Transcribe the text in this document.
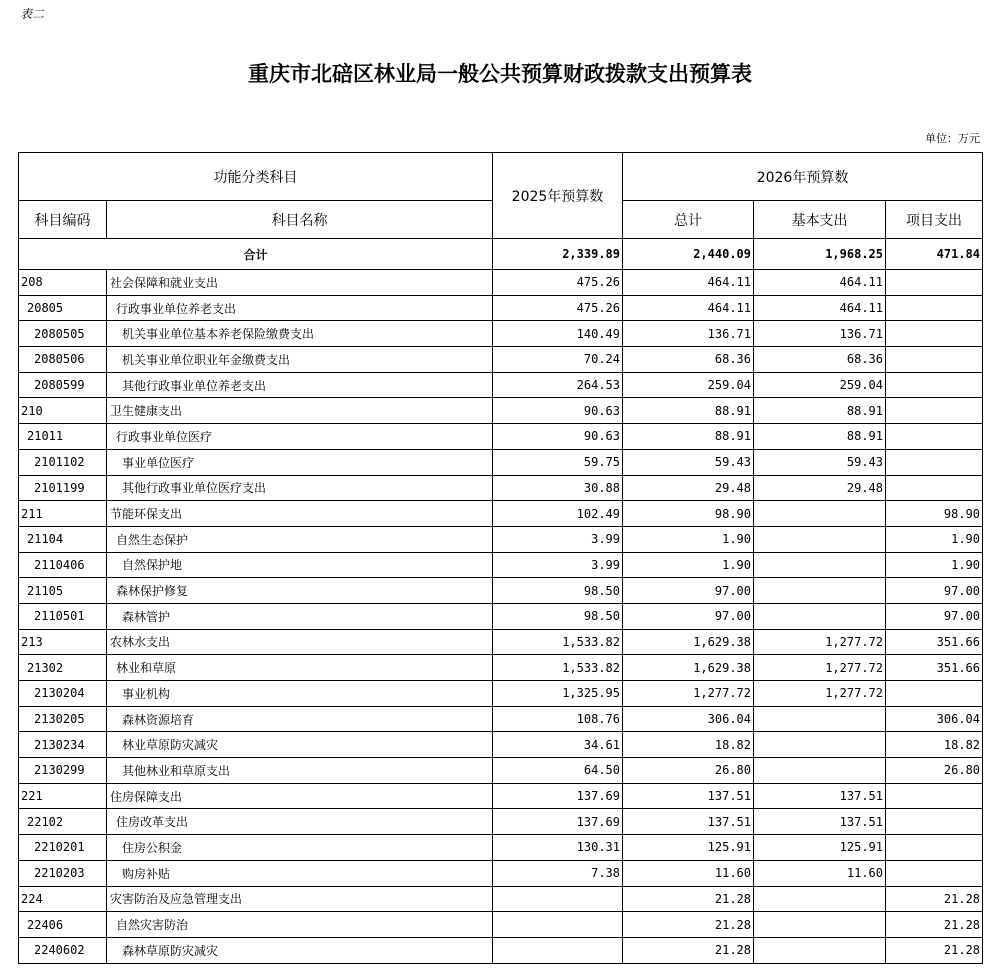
表二
重庆市北碚区林业局一般公共预算财政拨款支出预算表
单位：万元
功能分类科目		2025年预算数	2026年预算数		
科目编码	科目名称		总计	基本支出	项目支出
合计		2,339.89	2,440.09	1,968.25	471.84
208	社会保障和就业支出	475.26	464.11	464.11	
20805	行政事业单位养老支出	475.26	464.11	464.11	
2080505	机关事业单位基本养老保险缴费支出	140.49	136.71	136.71	
2080506	机关事业单位职业年金缴费支出	70.24	68.36	68.36	
2080599	其他行政事业单位养老支出	264.53	259.04	259.04	
210	卫生健康支出	90.63	88.91	88.91	
21011	行政事业单位医疗	90.63	88.91	88.91	
2101102	事业单位医疗	59.75	59.43	59.43	
2101199	其他行政事业单位医疗支出	30.88	29.48	29.48	
211	节能环保支出	102.49	98.90		98.90
21104	自然生态保护	3.99	1.90		1.90
2110406	自然保护地	3.99	1.90		1.90
21105	森林保护修复	98.50	97.00		97.00
2110501	森林管护	98.50	97.00		97.00
213	农林水支出	1,533.82	1,629.38	1,277.72	351.66
21302	林业和草原	1,533.82	1,629.38	1,277.72	351.66
2130204	事业机构	1,325.95	1,277.72	1,277.72	
2130205	森林资源培育	108.76	306.04		306.04
2130234	林业草原防灾减灾	34.61	18.82		18.82
2130299	其他林业和草原支出	64.50	26.80		26.80
221	住房保障支出	137.69	137.51	137.51	
22102	住房改革支出	137.69	137.51	137.51	
2210201	住房公积金	130.31	125.91	125.91	
2210203	购房补贴	7.38	11.60	11.60	
224	灾害防治及应急管理支出		21.28		21.28
22406	自然灾害防治		21.28		21.28
2240602	森林草原防灾减灾		21.28		21.28
